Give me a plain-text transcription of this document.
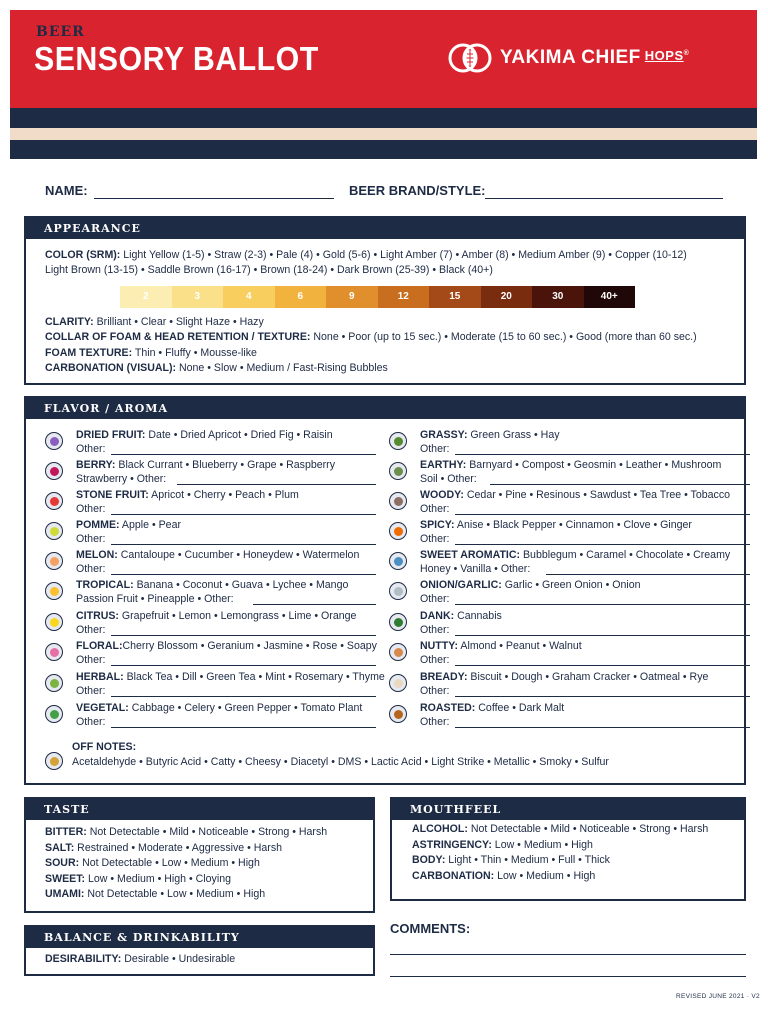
BEER
SENSORY BALLOT	YAKIMA CHIEF HOPS®
NAME:	BEER BRAND/STYLE:
APPEARANCE
COLOR (SRM): Light Yellow (1-5) • Straw (2-3) • Pale (4) • Gold (5-6) • Light Amber (7) • Amber (8) • Medium Amber (9) • Copper (10-12)
Light Brown (13-15) • Saddle Brown (16-17) • Brown (18-24) • Dark Brown (25-39) • Black (40+)
2	3	4	6	9	12	15	20	30	40+
CLARITY: Brilliant • Clear • Slight Haze • Hazy
COLLAR OF FOAM & HEAD RETENTION / TEXTURE: None • Poor (up to 15 sec.) • Moderate (15 to 60 sec.) • Good (more than 60 sec.)
FOAM TEXTURE: Thin • Fluffy • Mousse-like
CARBONATION (VISUAL): None • Slow • Medium / Fast-Rising Bubbles
FLAVOR / AROMA
DRIED FRUIT: Date • Dried Apricot • Dried Fig • Raisin
Other:
BERRY: Black Currant • Blueberry • Grape • Raspberry
Strawberry • Other:
STONE FRUIT: Apricot • Cherry • Peach • Plum
Other:
POMME: Apple • Pear
Other:
MELON: Cantaloupe • Cucumber • Honeydew • Watermelon
Other:
TROPICAL: Banana • Coconut • Guava • Lychee • Mango
Passion Fruit • Pineapple • Other:
CITRUS: Grapefruit • Lemon • Lemongrass • Lime • Orange
Other:
FLORAL:Cherry Blossom • Geranium • Jasmine • Rose • Soapy
Other:
HERBAL: Black Tea • Dill • Green Tea • Mint • Rosemary • Thyme
Other:
VEGETAL: Cabbage • Celery • Green Pepper • Tomato Plant
Other:
GRASSY: Green Grass • Hay
Other:
EARTHY: Barnyard • Compost • Geosmin • Leather • Mushroom
Soil • Other:
WOODY: Cedar • Pine • Resinous • Sawdust • Tea Tree • Tobacco
Other:
SPICY: Anise • Black Pepper • Cinnamon • Clove • Ginger
Other:
SWEET AROMATIC: Bubblegum • Caramel • Chocolate • Creamy
Honey • Vanilla • Other:
ONION/GARLIC: Garlic • Green Onion • Onion
Other:
DANK: Cannabis
Other:
NUTTY: Almond • Peanut • Walnut
Other:
BREADY: Biscuit • Dough • Graham Cracker • Oatmeal • Rye
Other:
ROASTED: Coffee • Dark Malt
Other:
OFF NOTES:
Acetaldehyde • Butyric Acid • Catty • Cheesy • Diacetyl • DMS • Lactic Acid • Light Strike • Metallic • Smoky • Sulfur
TASTE
BITTER: Not Detectable • Mild • Noticeable • Strong • Harsh
SALT: Restrained • Moderate • Aggressive • Harsh
SOUR: Not Detectable • Low • Medium • High
SWEET: Low • Medium • High • Cloying
UMAMI: Not Detectable • Low • Medium • High
MOUTHFEEL
ALCOHOL: Not Detectable • Mild • Noticeable • Strong • Harsh
ASTRINGENCY: Low • Medium • High
BODY: Light • Thin • Medium • Full • Thick
CARBONATION: Low • Medium • High
BALANCE & DRINKABILITY
DESIRABILITY: Desirable • Undesirable
COMMENTS:
REVISED JUNE 2021 · V2
